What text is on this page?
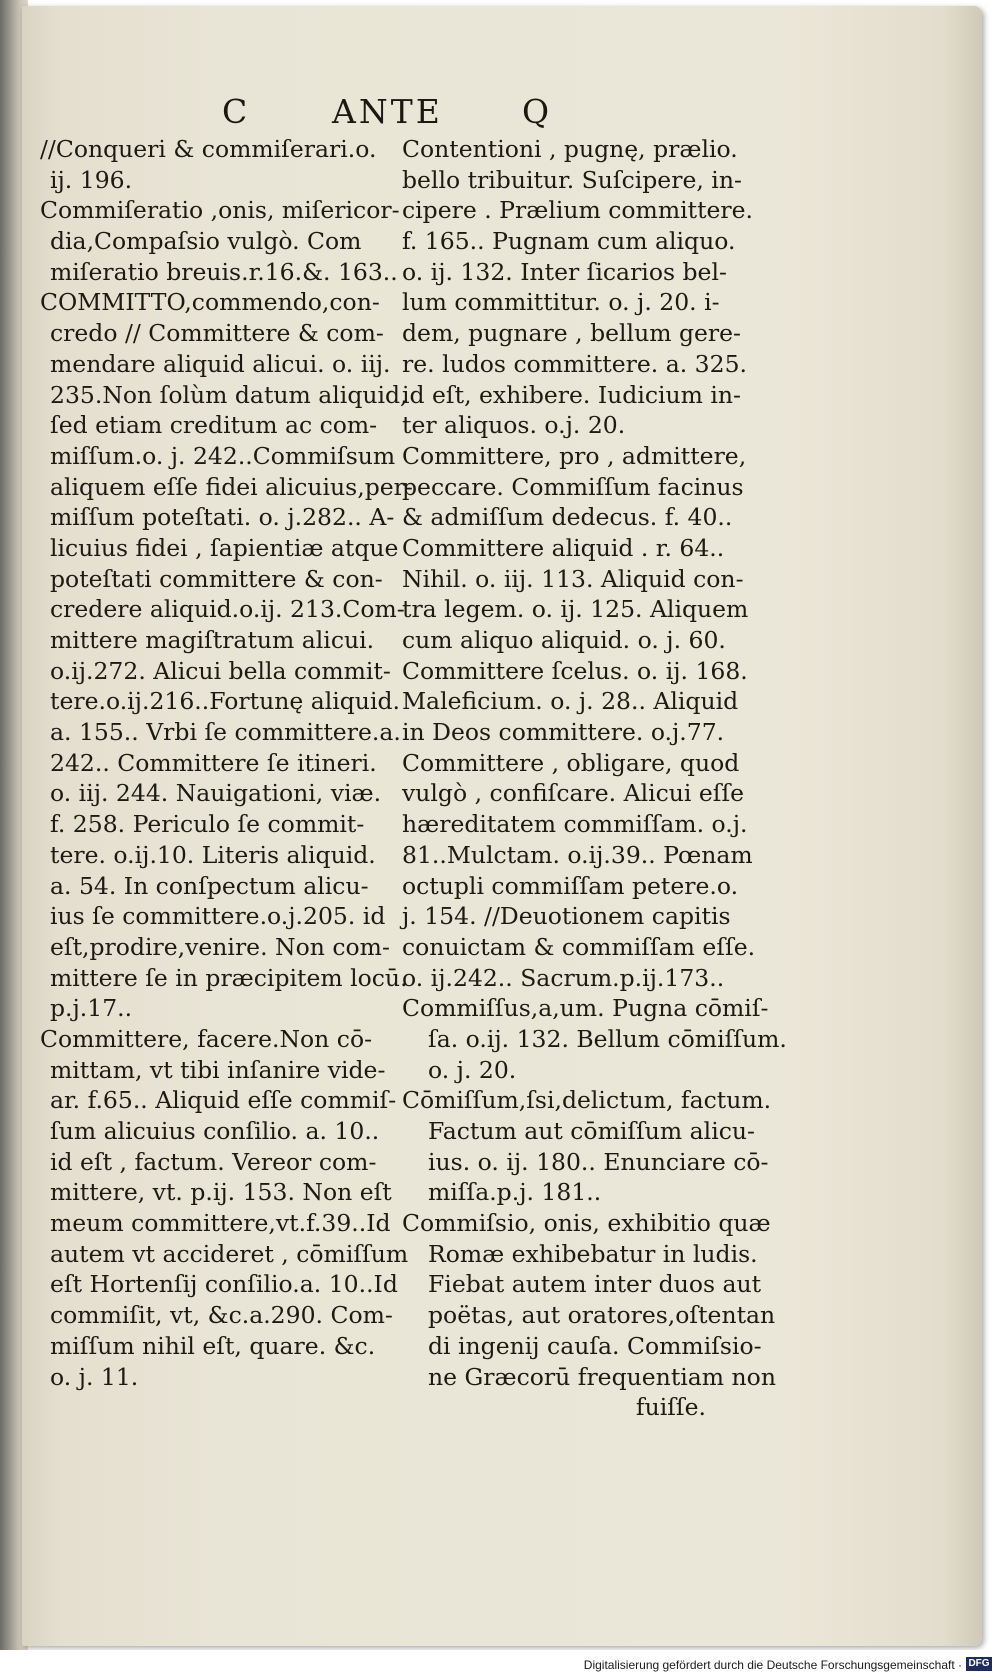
C ANTE Q
//Conqueri & commiſerari.o.
ij. 196.
Commiſeratio ,onis, miſericor-
dia,Compaſsio vulgò. Com
miſeratio breuis.r.16.&. 163..
COMMITTO,commendo,con-
credo // Committere & com-
mendare aliquid alicui. o. iij.
235.Non ſolùm datum aliquid,
ſed etiam creditum ac com-
miſſum.o. j. 242..Commiſsum
aliquem eſſe fidei alicuius,per-
miſſum poteſtati. o. j.282.. A-
licuius fidei , ſapientiæ atque
poteſtati committere & con-
credere aliquid.o.ij. 213.Com-
mittere magiſtratum alicui.
o.ij.272. Alicui bella commit-
tere.o.ij.216..Fortunę aliquid.
a. 155.. Vrbi ſe committere.a.
242.. Committere ſe itineri.
o. iij. 244. Nauigationi, viæ.
f. 258. Periculo ſe commit-
tere. o.ij.10. Literis aliquid.
a. 54. In conſpectum alicu-
ius ſe committere.o.j.205. id
eſt,prodire,venire. Non com-
mittere ſe in præcipitem locū.
p.j.17..
Committere, facere.Non cō-
mittam, vt tibi inſanire vide-
ar. f.65.. Aliquid eſſe commiſ-
ſum alicuius conſilio. a. 10..
id eſt , factum. Vereor com-
mittere, vt. p.ij. 153. Non eſt
meum committere,vt.f.39..Id
autem vt accideret , cōmiſſum
eſt Hortenſij conſilio.a. 10..Id
commiſit, vt, &c.a.290. Com-
miſſum nihil eſt, quare. &c.
o. j. 11.
Contentioni , pugnę, prælio.
bello tribuitur. Suſcipere, in-
cipere . Prælium committere.
f. 165.. Pugnam cum aliquo.
o. ij. 132. Inter ſicarios bel-
lum committitur. o. j. 20. i-
dem, pugnare , bellum gere-
re. ludos committere. a. 325.
id eſt, exhibere. Iudicium in-
ter aliquos. o.j. 20.
Committere, pro , admittere,
peccare. Commiſſum facinus
& admiſſum dedecus. f. 40..
Committere aliquid . r. 64..
Nihil. o. iij. 113. Aliquid con-
tra legem. o. ij. 125. Aliquem
cum aliquo aliquid. o. j. 60.
Committere ſcelus. o. ij. 168.
Maleficium. o. j. 28.. Aliquid
in Deos committere. o.j.77.
Committere , obligare, quod
vulgò , confiſcare. Alicui eſſe
hæreditatem commiſſam. o.j.
81..Mulctam. o.ij.39.. Pœnam
octupli commiſſam petere.o.
j. 154. //Deuotionem capitis
conuictam & commiſſam eſſe.
o. ij.242.. Sacrum.p.ij.173..
Commiſſus,a,um. Pugna cōmiſ-
ſa. o.ij. 132. Bellum cōmiſſum.
o. j. 20.
Cōmiſſum,ſsi,delictum, factum.
Factum aut cōmiſſum alicu-
ius. o. ij. 180.. Enunciare cō-
miſſa.p.j. 181..
Commiſsio, onis, exhibitio quæ
Romæ exhibebatur in ludis.
Fiebat autem inter duos aut
poëtas, aut oratores,oſtentan
di ingenij cauſa. Commiſsio-
ne Græcorū frequentiam non
fuiſſe.
Digitalisierung gefördert durch die Deutsche Forschungsgemeinschaft · DFG
